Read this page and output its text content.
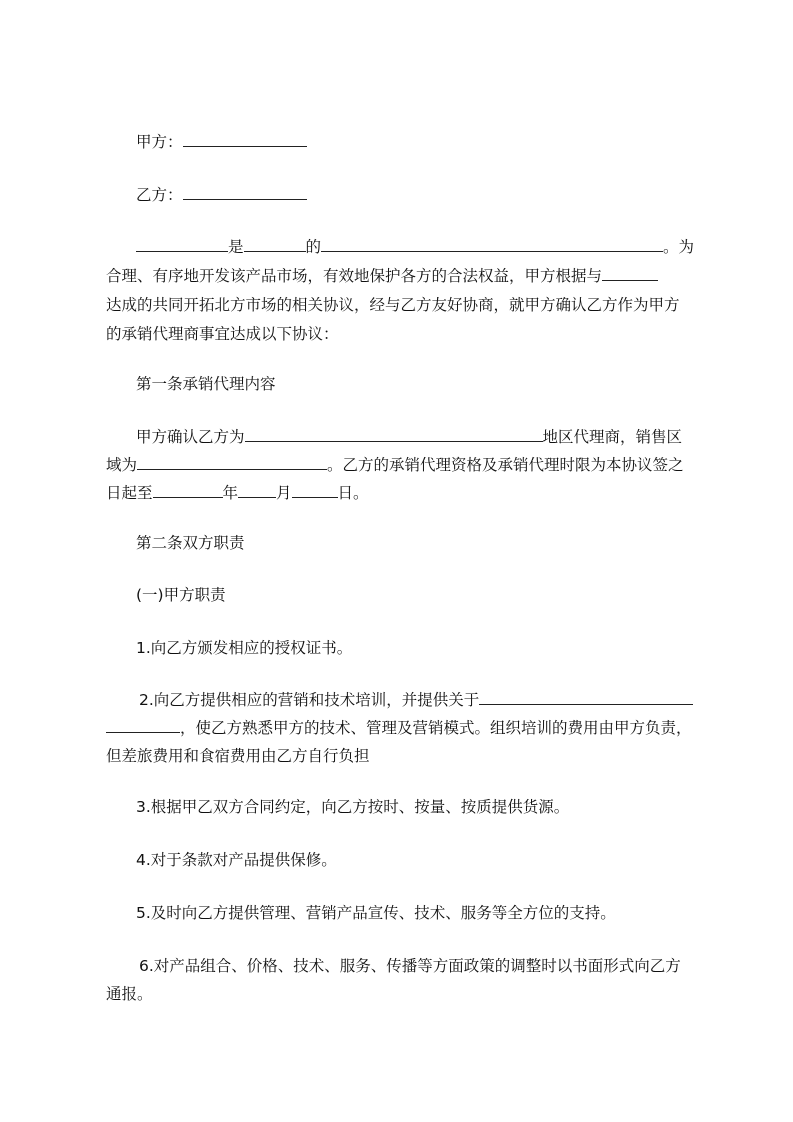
甲方：
乙方：
是	的	。为
合理、有序地开发该产品市场，有效地保护各方的合法权益，甲方根据与
达成的共同开拓北方市场的相关协议，经与乙方友好协商，就甲方确认乙方作为甲方
的承销代理商事宜达成以下协议：
第一条承销代理内容
甲方确认乙方为	地区代理商，销售区
域为	。乙方的承销代理资格及承销代理时限为本协议签之
日起至	年 月	日。
第二条双方职责
(一)甲方职责
1.向乙方颁发相应的授权证书。
2.向乙方提供相应的营销和技术培训，并提供关于
，使乙方熟悉甲方的技术、管理及营销模式。组织培训的费用由甲方负责，
但差旅费用和食宿费用由乙方自行负担
3.根据甲乙双方合同约定，向乙方按时、按量、按质提供货源。
4.对于条款对产品提供保修。
5.及时向乙方提供管理、营销产品宣传、技术、服务等全方位的支持。
6.对产品组合、价格、技术、服务、传播等方面政策的调整时以书面形式向乙方
通报。
